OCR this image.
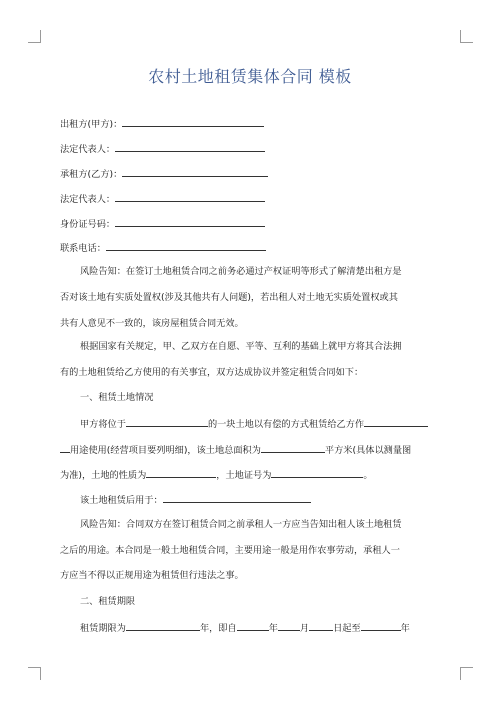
农村土地租赁集体合同 模板
出租方(甲方)：
法定代表人：
承租方(乙方)：
法定代表人：
身份证号码：
联系电话：
风险告知：在签订土地租赁合同之前务必通过产权证明等形式了解清楚出租方是
否对该土地有实质处置权(涉及其他共有人问题)，若出租人对土地无实质处置权或其
共有人意见不一致的，该房屋租赁合同无效。
根据国家有关规定，甲、乙双方在自愿、平等、互利的基础上就甲方将其合法拥
有的土地租赁给乙方使用的有关事宜，双方达成协议并签定租赁合同如下：
一、租赁土地情况
甲方将位于	的一块土地以有偿的方式租赁给乙方作
用途使用(经营项目要列明细)，该土地总面积为	平方米(具体以测量图
为准)，土地的性质为	，土地证号为	。
该土地租赁后用于：
风险告知：合同双方在签订租赁合同之前承租人一方应当告知出租人该土地租赁
之后的用途。本合同是一般土地租赁合同，主要用途一般是用作农事劳动，承租人一
方应当不得以正规用途为租赁但行违法之事。
二、租赁期限
租赁期限为	年，即自	年 月	日起至	年
